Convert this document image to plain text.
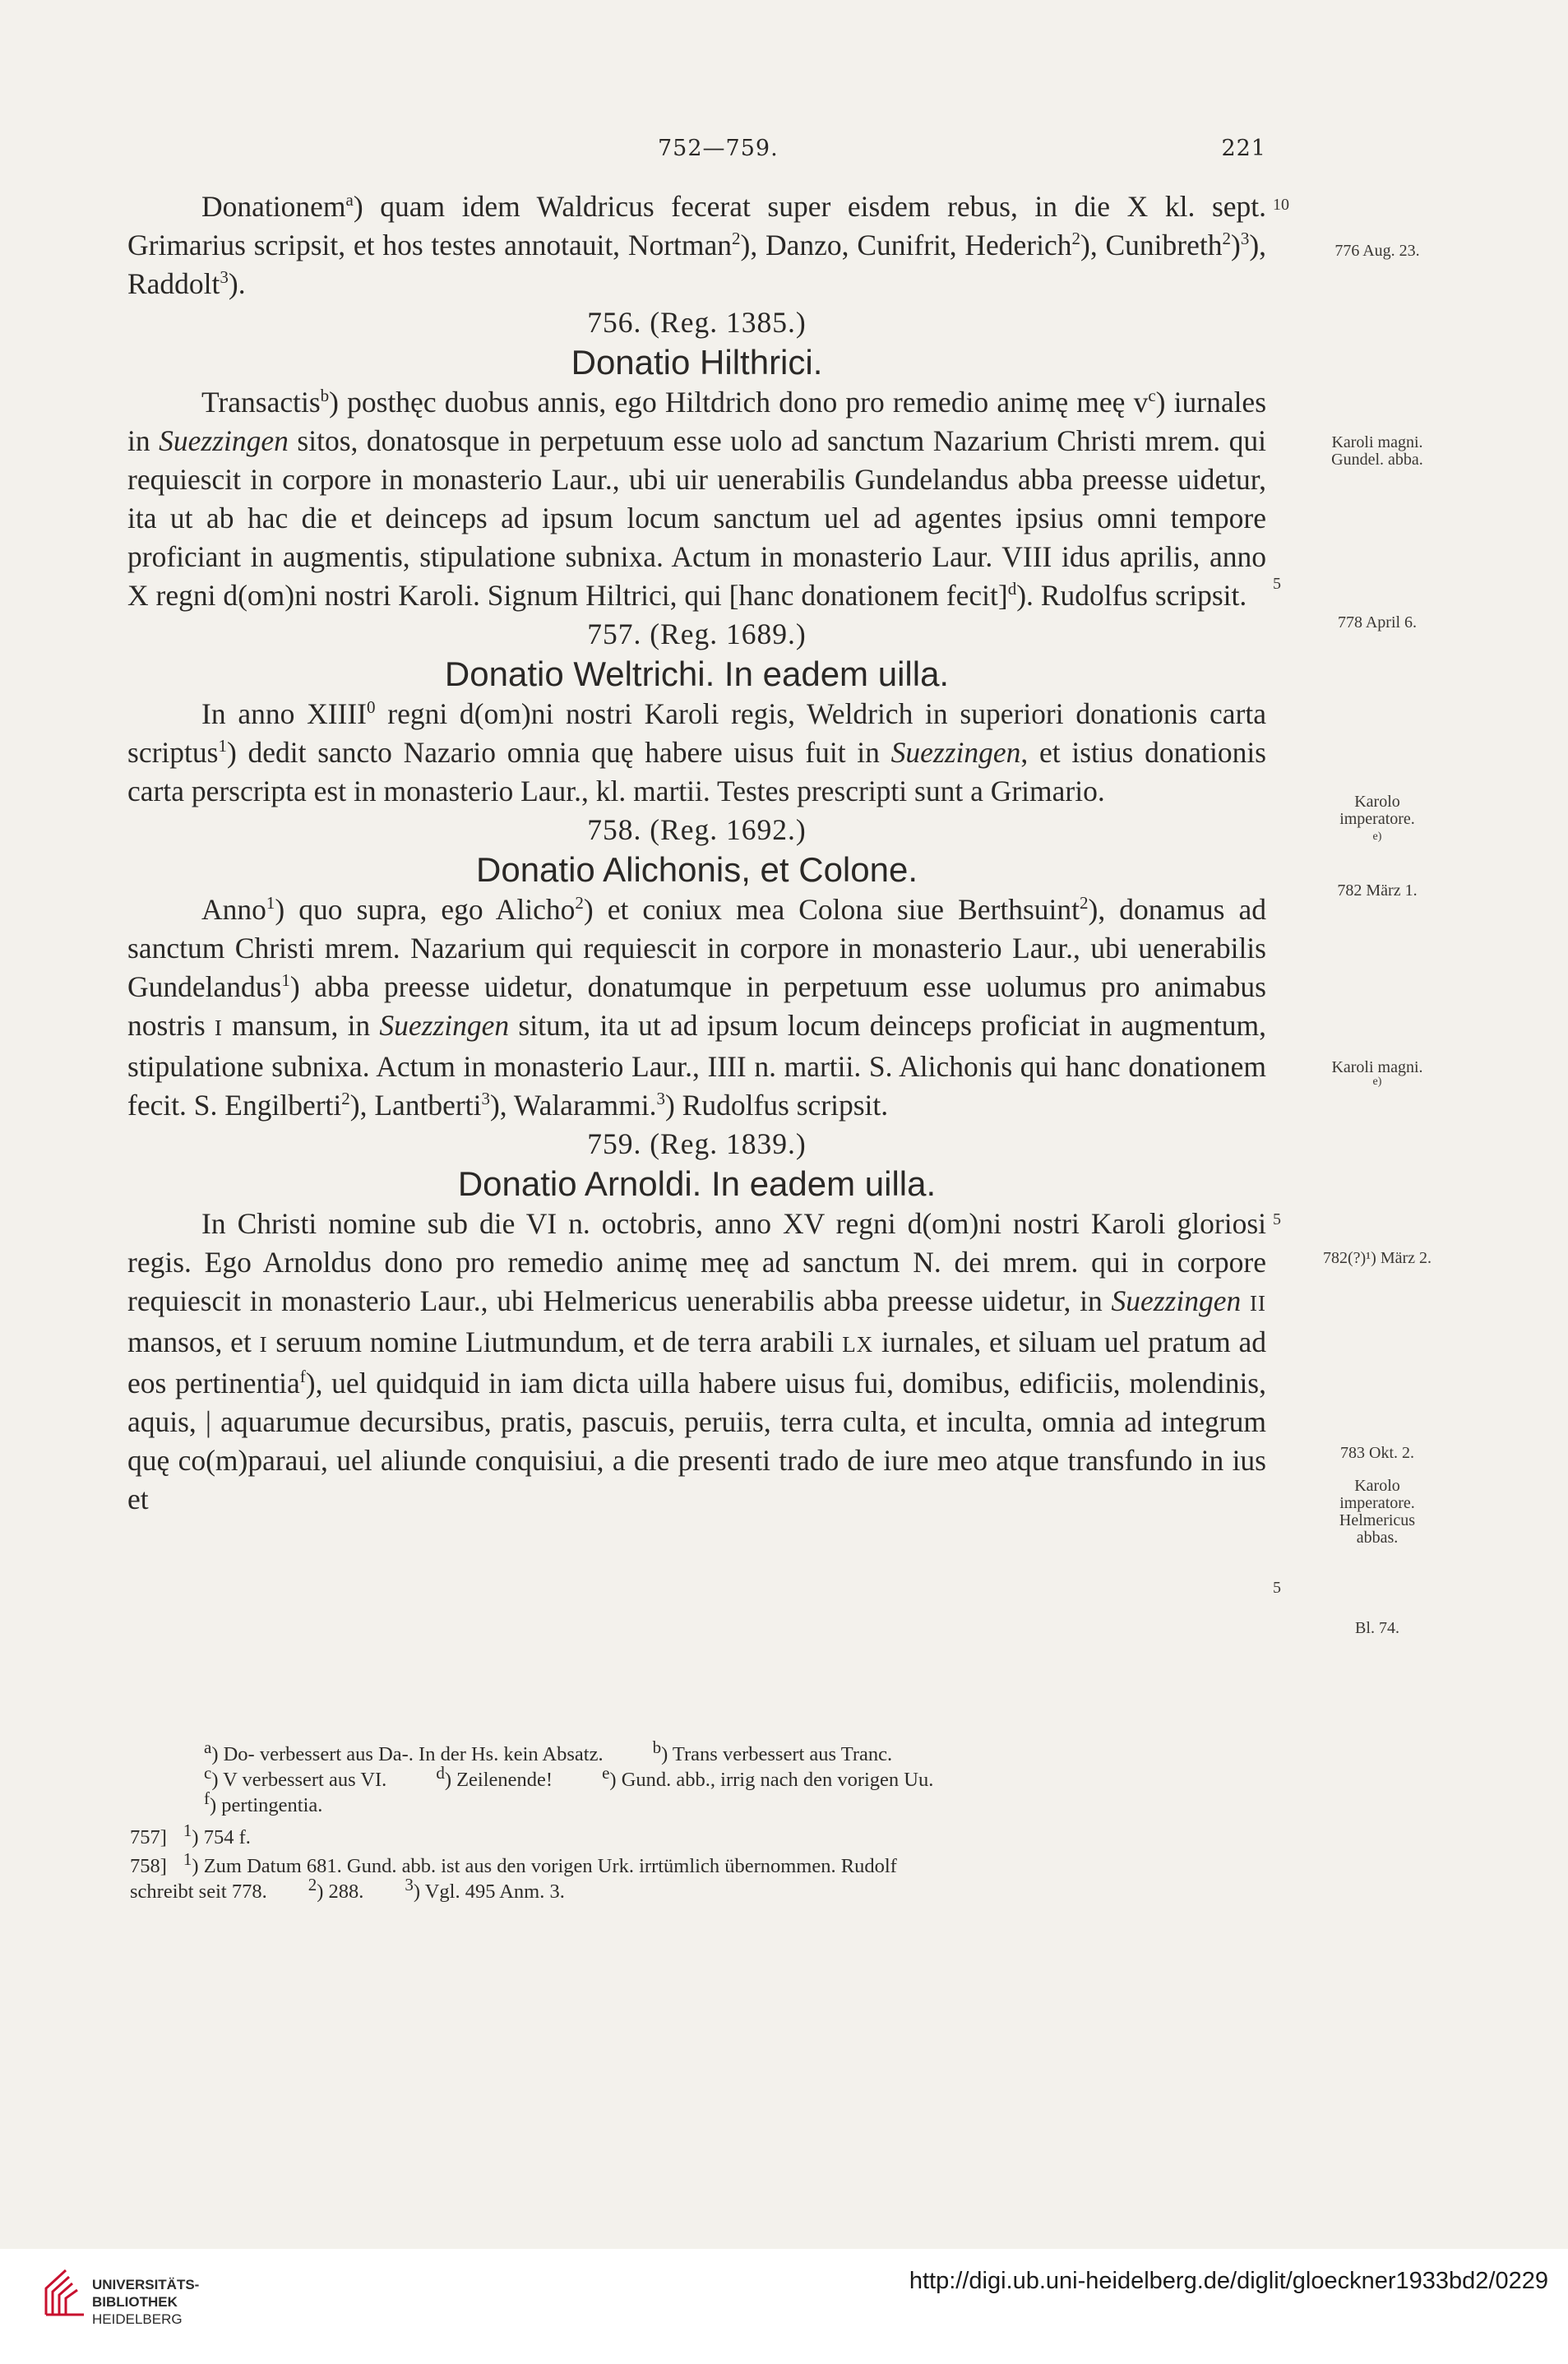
752—759.	221

Donationem$^a$) quam idem Waldricus fecerat super eisdem rebus, in die X kl. sept. Grimarius scripsit, et hos testes annotauit, Nortman$^2$), Danzo, Cunifrit, Hederich$^2$), Cunibreth$^2$)$^3$), Raddolt$^3$).

756. (Reg. 1385.)

Donatio Hilthrici.

Transactis$^b$) posthęc duobus annis, ego Hiltdrich dono pro remedio animę meę $v^c$) iurnales in Suezzingen sitos, donatosque in perpetuum esse uolo ad sanctum Nazarium Christi mrem. qui requiescit in corpore in monasterio Laur., ubi uir uenerabilis Gundelandus abba preesse uidetur, ita ut ab hac die et deinceps ad ipsum locum sanctum uel ad agentes ipsius omni tempore proficiant in augmentis, stipulatione subnixa. Actum in monasterio Laur. VIII idus aprilis, anno X regni d(om)ni nostri Karoli. Signum Hiltrici, qui [hanc donationem fecit]$^d$). Rudolfus scripsit.

757. (Reg. 1689.)

Donatio Weltrichi. In eadem uilla.

In anno XIIII$^0$ regni d(om)ni nostri Karoli regis, Weldrich in superiori donationis carta scriptus$^1$) dedit sancto Nazario omnia quę habere uisus fuit in Suezzingen, et istius donationis carta perscripta est in monasterio Laur., kl. martii. Testes prescripti sunt a Grimario.

758. (Reg. 1692.)

Donatio Alichonis, et Colone.

Anno$^1$) quo supra, ego Alicho$^2$) et coniux mea Colona siue Berthsuint$^2$), donamus ad sanctum Christi mrem. Nazarium qui requiescit in corpore in monasterio Laur., ubi uenerabilis Gundelandus$^1$) abba preesse uidetur, donatumque in perpetuum esse uolumus pro animabus nostris I mansum, in Suezzingen situm, ita ut ad ipsum locum deinceps proficiat in augmentum, stipulatione subnixa. Actum in monasterio Laur., IIII n. martii. S. Alichonis qui hanc donationem fecit. S. Engilberti$^2$), Lantberti$^3$), Walarammi.$^3$) Rudolfus scripsit.

759. (Reg. 1839.)

Donatio Arnoldi. In eadem uilla.

In Christi nomine sub die VI n. octobris, anno XV regni d(om)ni nostri Karoli gloriosi regis. Ego Arnoldus dono pro remedio animę meę ad sanctum N. dei mrem. qui in corpore requiescit in monasterio Laur., ubi Helmericus uenerabilis abba preesse uidetur, in Suezzingen II mansos, et I seruum nomine Liutmundum, et de terra arabili LX iurnales, et siluam uel pratum ad eos pertinentia$^f$), uel quidquid in iam dicta uilla habere uisus fui, domibus, edificiis, molendinis, aquis, | aquarumue decursibus, pratis, pascuis, peruiis, terra culta, et inculta, omnia ad integrum quę co(m)paraui, uel aliunde conquisiui, a die presenti trado de iure meo atque transfundo in ius et

10
776 Aug. 23.
Karoli magni.
Gundel. abba.
5
778 April 6.
Karolo
imperatore.
e)
782 März 1.
Karoli magni.
e)
5
782(?)¹) März 2.
783 Okt. 2.
Karolo
imperatore.
Helmericus
abbas.
5
Bl. 74.
$^a$) Do- verbessert aus Da-. In der Hs. kein Absatz.	$^b$) Trans verbessert aus Tranc.
$^c$) V verbessert aus VI.	$^d$) Zeilenende!	$^e$) Gund. abb., irrig nach den vorigen Uu.
$^f$) pertingentia.
757] $^1$) 754 f.
758] $^1$) Zum Datum 681. Gund. abb. ist aus den vorigen Urk. irrtümlich übernommen. Rudolf
schreibt seit 778. $^2$) 288. $^3$) Vgl. 495 Anm. 3.
UNIVERSITÄTS-
BIBLIOTHEK
HEIDELBERG
http://digi.ub.uni-heidelberg.de/diglit/gloeckner1933bd2/0229
